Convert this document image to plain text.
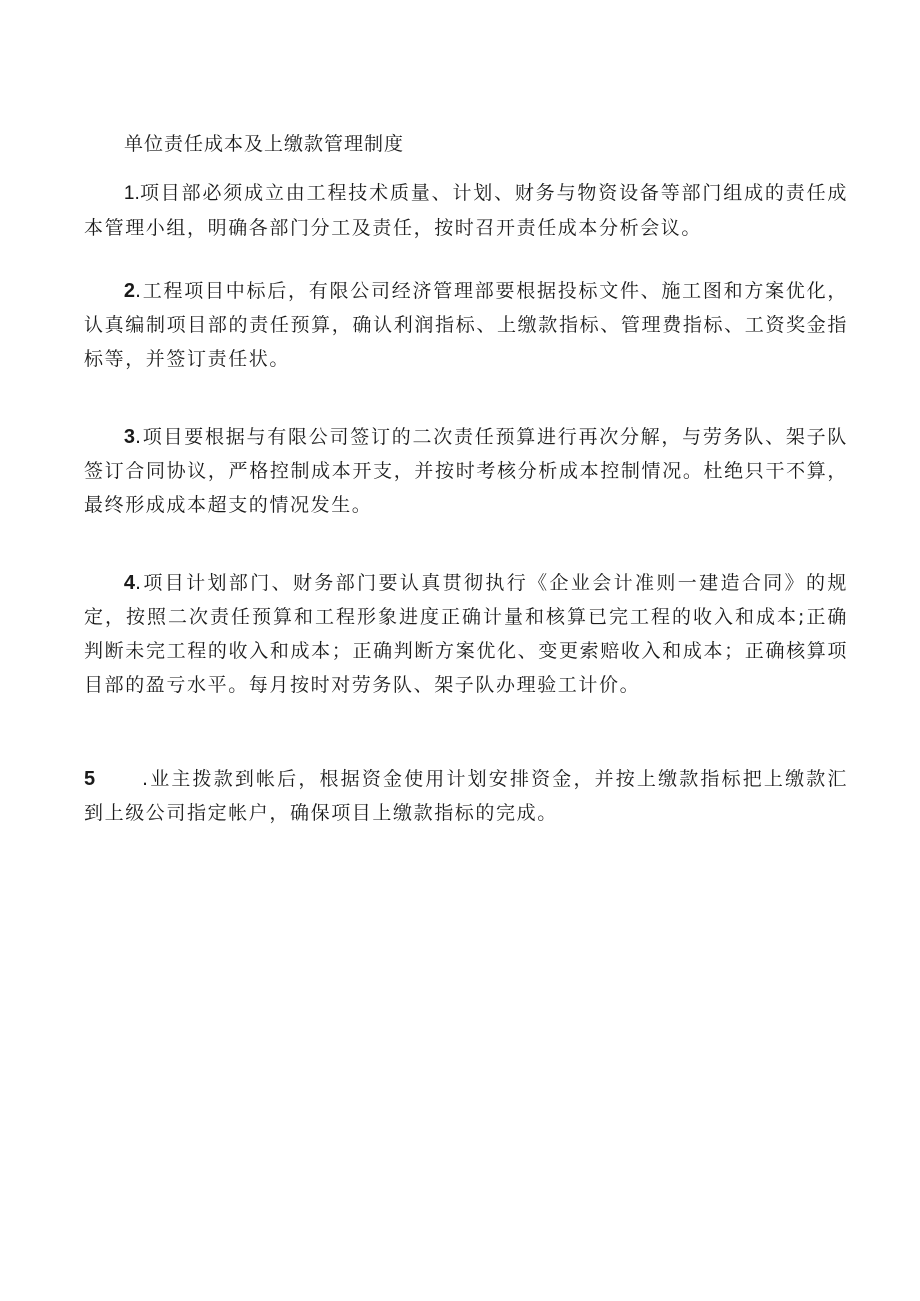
单位责任成本及上缴款管理制度

1.项目部必须成立由工程技术质量、计划、财务与物资设备等部门组成的责任成本管理小组，明确各部门分工及责任，按时召开责任成本分析会议。

2.工程项目中标后，有限公司经济管理部要根据投标文件、施工图和方案优化，认真编制项目部的责任预算，确认利润指标、上缴款指标、管理费指标、工资奖金指标等，并签订责任状。

3.项目要根据与有限公司签订的二次责任预算进行再次分解，与劳务队、架子队签订合同协议，严格控制成本开支，并按时考核分析成本控制情况。杜绝只干不算，最终形成成本超支的情况发生。

4.项目计划部门、财务部门要认真贯彻执行《企业会计准则一建造合同》的规定，按照二次责任预算和工程形象进度正确计量和核算已完工程的收入和成本;正确判断未完工程的收入和成本；正确判断方案优化、变更索赔收入和成本；正确核算项目部的盈亏水平。每月按时对劳务队、架子队办理验工计价。

5 .业主拨款到帐后，根据资金使用计划安排资金，并按上缴款指标把上缴款汇到上级公司指定帐户，确保项目上缴款指标的完成。
